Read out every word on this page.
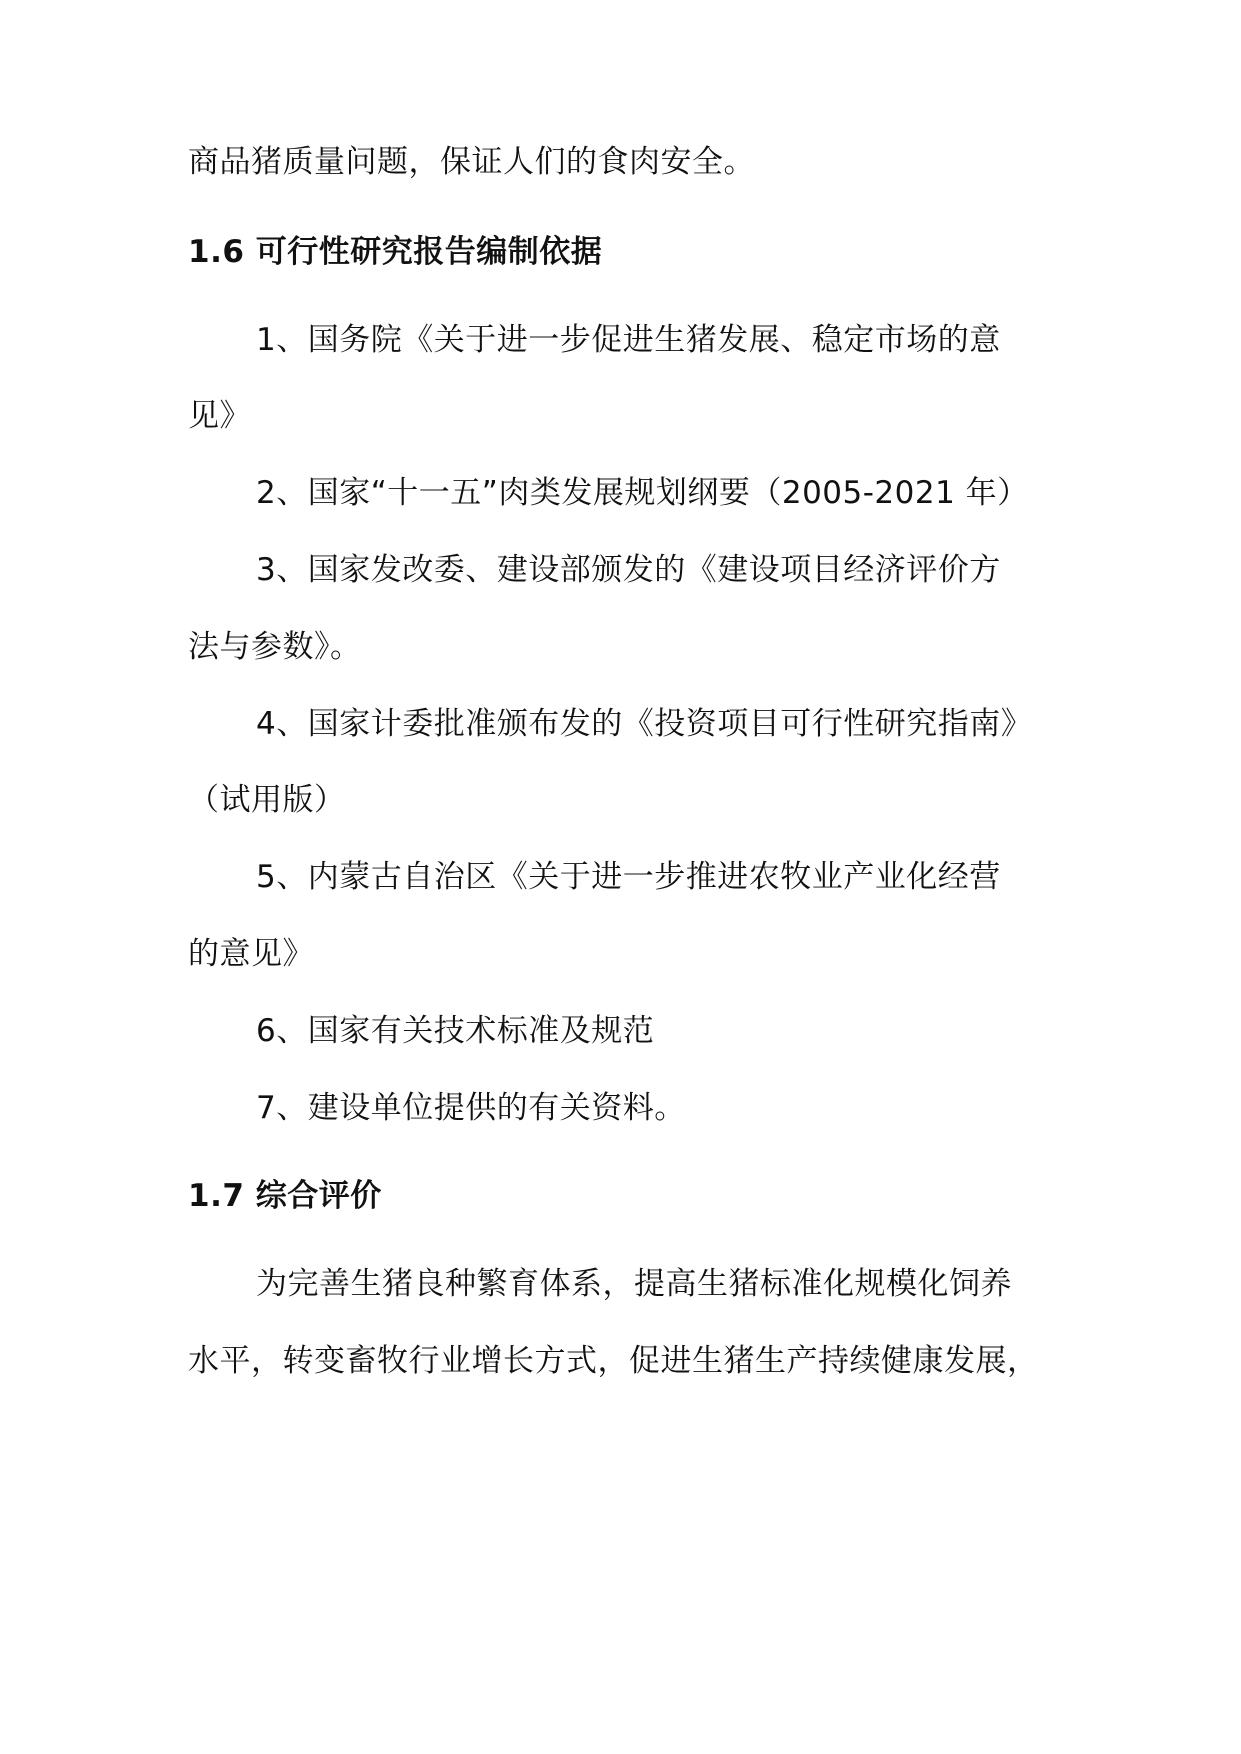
商品猪质量问题，保证人们的食肉安全。
1.6 可行性研究报告编制依据
1、国务院《关于进一步促进生猪发展、稳定市场的意
见》
2、国家“十一五”肉类发展规划纲要（2005-2021 年）
3、国家发改委、建设部颁发的《建设项目经济评价方
法与参数》。
4、国家计委批准颁布发的《投资项目可行性研究指南》
（试用版）
5、内蒙古自治区《关于进一步推进农牧业产业化经营
的意见》
6、国家有关技术标准及规范
7、建设单位提供的有关资料。
1.7 综合评价
为完善生猪良种繁育体系，提高生猪标准化规模化饲养
水平，转变畜牧行业增长方式，促进生猪生产持续健康发展，
